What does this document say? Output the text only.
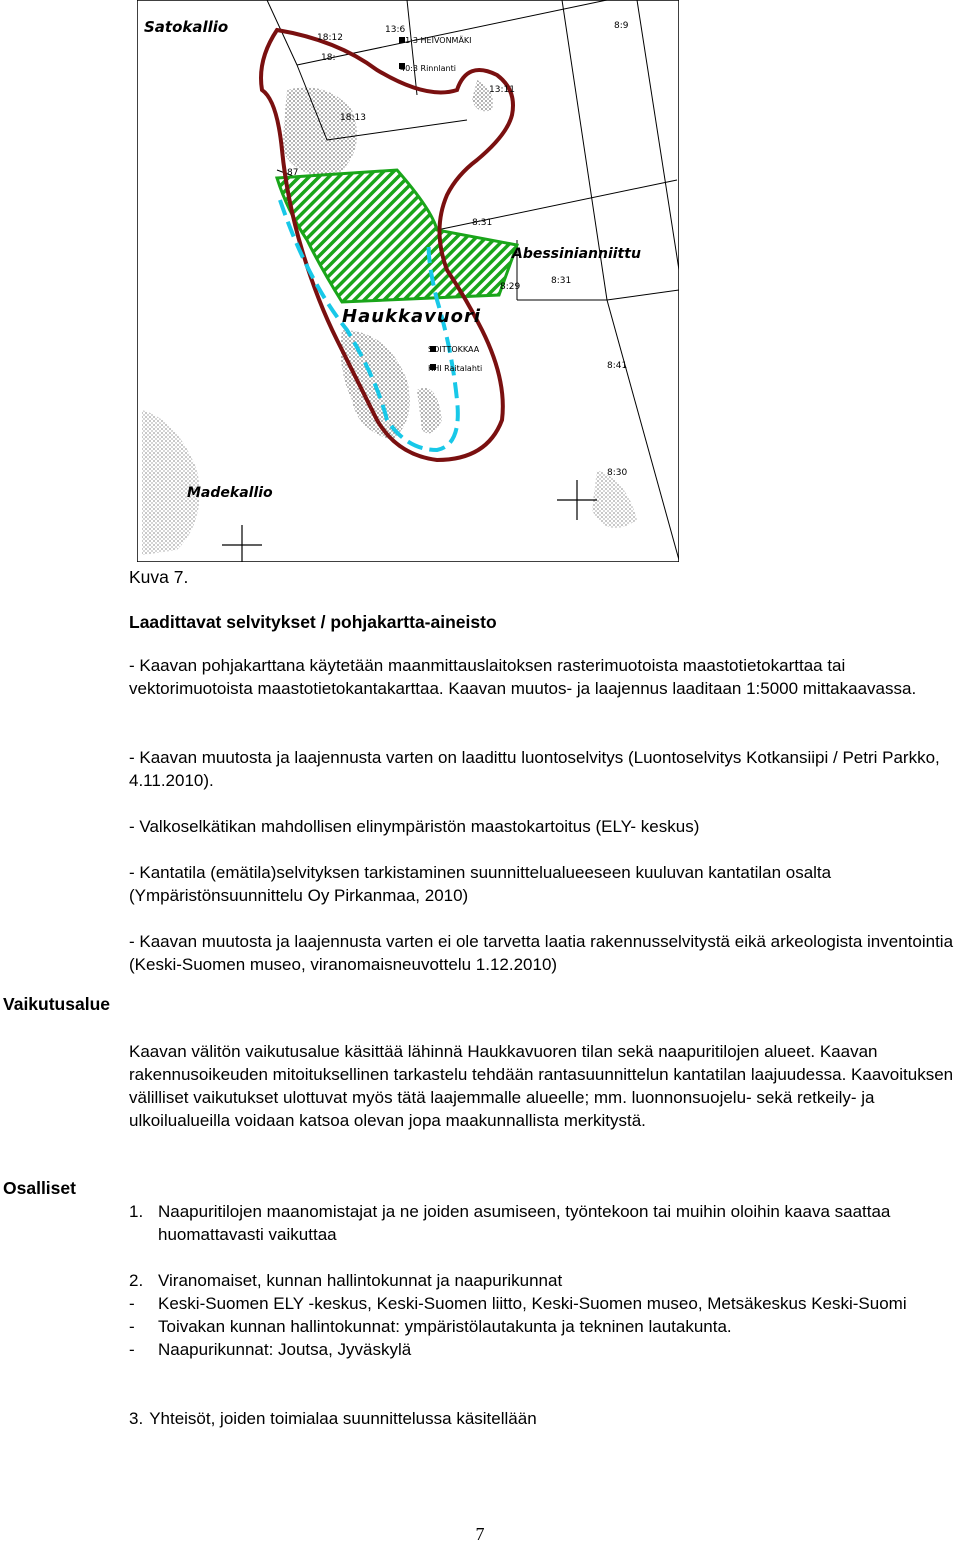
Satokallio
Abessinianniittu
Haukkavuori
Madekallio
18:12
18:
13:6	8:9
13:11
18:13
8:31
8:29
8:31
8:41
8:30
87
41:3 HEIVONMÄKI
40:3 Rinnlanti
SOITTOKKAA
KHI Raitalahti
Kuva 7.
Laadittavat selvitykset / pohjakartta-aineisto

- Kaavan pohjakarttana käytetään maanmittauslaitoksen rasterimuotoista maastotietokarttaa tai vektorimuotoista maastotietokantakarttaa. Kaavan muutos- ja laajennus laaditaan 1:5000 mittakaavassa.

- Kaavan muutosta ja laajennusta varten on laadittu luontoselvitys (Luontoselvitys Kotkansiipi / Petri Parkko, 4.11.2010).

- Valkoselkätikan mahdollisen elinympäristön maastokartoitus (ELY- keskus)

- Kantatila (emätila)selvityksen tarkistaminen suunnittelualueeseen kuuluvan kantatilan osalta (Ympäristönsuunnittelu Oy Pirkanmaa, 2010)

- Kaavan muutosta ja laajennusta varten ei ole tarvetta laatia rakennusselvitystä eikä arkeologista inventointia (Keski-Suomen museo, viranomaisneuvottelu 1.12.2010)

Vaikutusalue

Kaavan välitön vaikutusalue käsittää lähinnä Haukkavuoren tilan sekä naapuritilojen alueet. Kaavan rakennusoikeuden mitoituksellinen tarkastelu tehdään rantasuunnittelun kantatilan laajuudessa. Kaavoituksen välilliset vaikutukset ulottuvat myös tätä laajemmalle alueelle; mm. luonnonsuojelu- sekä retkeily- ja ulkoilualueilla voidaan katsoa olevan jopa maakunnallista merkitystä.

Osalliset
1. Naapuritilojen maanomistajat ja ne joiden asumiseen, työntekoon tai muihin oloihin kaava saattaa huomattavasti vaikuttaa
2. Viranomaiset, kunnan hallintokunnat ja naapurikunnat
-	Keski-Suomen ELY -keskus, Keski-Suomen liitto, Keski-Suomen museo, Metsäkeskus Keski-Suomi
-	Toivakan kunnan hallintokunnat: ympäristölautakunta ja tekninen lautakunta.
-	Naapurikunnat: Joutsa, Jyväskylä
3. Yhteisöt, joiden toimialaa suunnittelussa käsitellään
7
